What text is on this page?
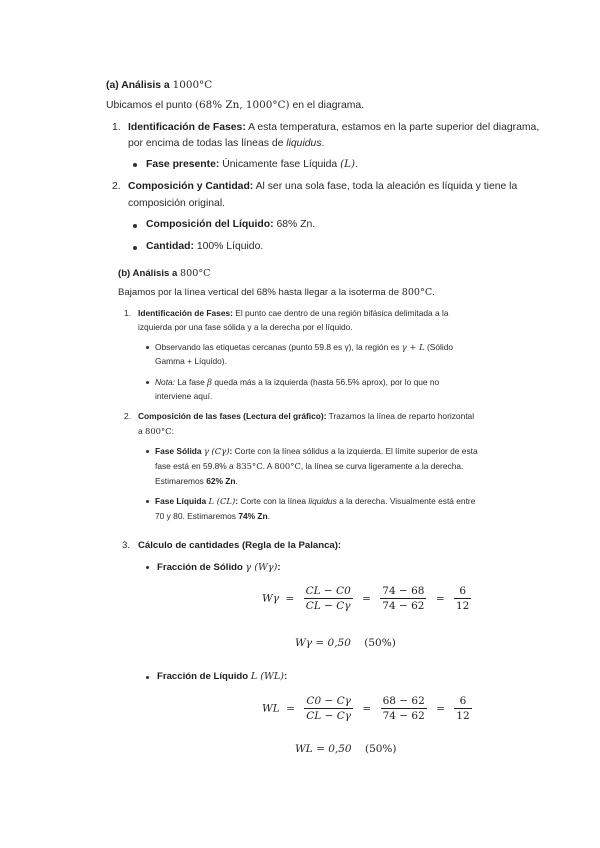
(a) Análisis a 1000°C
Ubicamos el punto (68% Zn, 1000°C) en el diagrama.
1. Identificación de Fases: A esta temperatura, estamos en la parte superior del diagrama,
por encima de todas las líneas de liquidus.
Fase presente: Únicamente fase Líquida (L).
2. Composición y Cantidad: Al ser una sola fase, toda la aleación es líquida y tiene la
composición original.
Composición del Líquido: 68% Zn.
Cantidad: 100% Líquido.
(b) Análisis a 800°C
Bajamos por la línea vertical del 68% hasta llegar a la isoterma de 800°C.
1. Identificación de Fases: El punto cae dentro de una región bifásica delimitada a la
izquierda por una fase sólida y a la derecha por el líquido.
Observando las etiquetas cercanas (punto 59.8 es γ), la región es γ + L (Sólido
Gamma + Líquido).
Nota: La fase β queda más a la izquierda (hasta 56.5% aprox), por lo que no
interviene aquí.
2. Composición de las fases (Lectura del gráfico): Trazamos la línea de reparto horizontal
a 800°C:
Fase Sólida γ (Cγ): Corte con la línea sólidus a la izquierda. El límite superior de esta
fase está en 59.8% a 835°C. A 800°C, la línea se curva ligeramente a la derecha.
Estimaremos 62% Zn.
Fase Líquida L (CL): Corte con la línea liquidus a la derecha. Visualmente está entre
70 y 80. Estimaremos 74% Zn.
3. Cálculo de cantidades (Regla de la Palanca):
Fracción de Sólido γ (Wγ):
$W\gamma = \frac{CL - C0}{CL - C\gamma} = \frac{74 - 68}{74 - 62} = \frac{6}{12}$
Wγ = 0,50 (50%)
Fracción de Líquido L (WL):
WL = $\frac{C0 - C\gamma}{CL - C\gamma} = \frac{68 - 62}{74 - 62} = \frac{6}{12}$
WL = 0,50 (50%)
